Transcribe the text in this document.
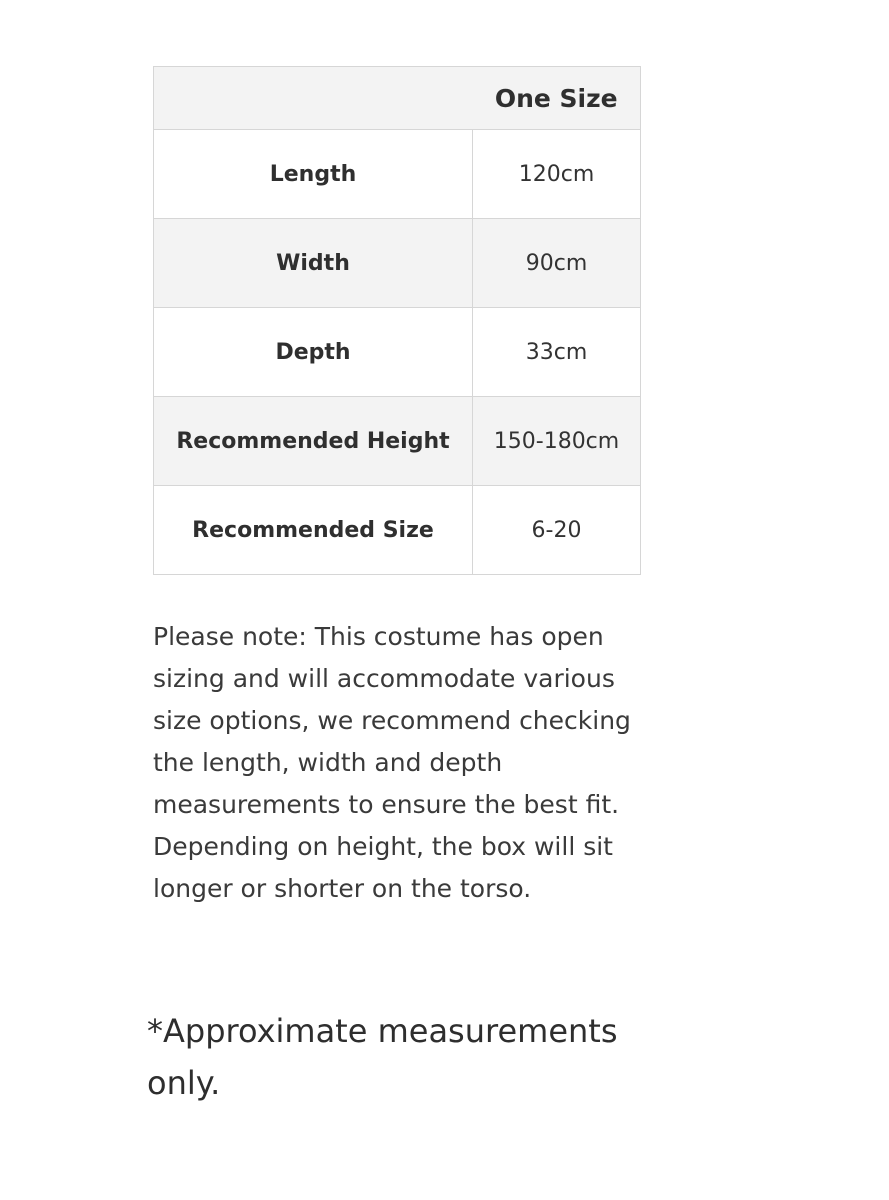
	One Size
Length	120cm
Width	90cm
Depth	33cm
Recommended Height	150-180cm
Recommended Size	6-20

Please note: This costume has open sizing and will accommodate various size options, we recommend checking the length, width and depth measurements to ensure the best fit. Depending on height, the box will sit longer or shorter on the torso.

*Approximate measurements only.
